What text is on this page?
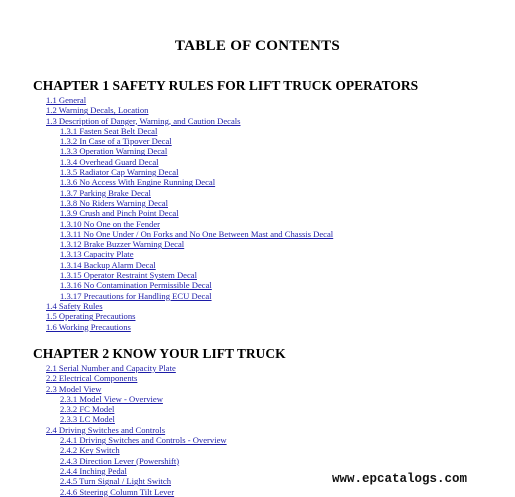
TABLE OF CONTENTS
CHAPTER 1 SAFETY RULES FOR LIFT TRUCK OPERATORS
1.1 General
1.2 Warning Decals, Location
1.3 Description of Danger, Warning, and Caution Decals
1.3.1 Fasten Seat Belt Decal
1.3.2 In Case of a Tipover Decal
1.3.3 Operation Warning Decal
1.3.4 Overhead Guard Decal
1.3.5 Radiator Cap Warning Decal
1.3.6 No Access With Engine Running Decal
1.3.7 Parking Brake Decal
1.3.8 No Riders Warning Decal
1.3.9 Crush and Pinch Point Decal
1.3.10 No One on the Fender
1.3.11 No One Under / On Forks and No One Between Mast and Chassis Decal
1.3.12 Brake Buzzer Warning Decal
1.3.13 Capacity Plate
1.3.14 Backup Alarm Decal
1.3.15 Operator Restraint System Decal
1.3.16 No Contamination Permissible Decal
1.3.17 Precautions for Handling ECU Decal
1.4 Safety Rules
1.5 Operating Precautions
1.6 Working Precautions
CHAPTER 2 KNOW YOUR LIFT TRUCK
2.1 Serial Number and Capacity Plate
2.2 Electrical Components
2.3 Model View
2.3.1 Model View - Overview
2.3.2 FC Model
2.3.3 LC Model
2.4 Driving Switches and Controls
2.4.1 Driving Switches and Controls - Overview
2.4.2 Key Switch
2.4.3 Direction Lever (Powershift)
2.4.4 Inching Pedal
2.4.5 Turn Signal / Light Switch
2.4.6 Steering Column Tilt Lever
www.epcatalogs.com
